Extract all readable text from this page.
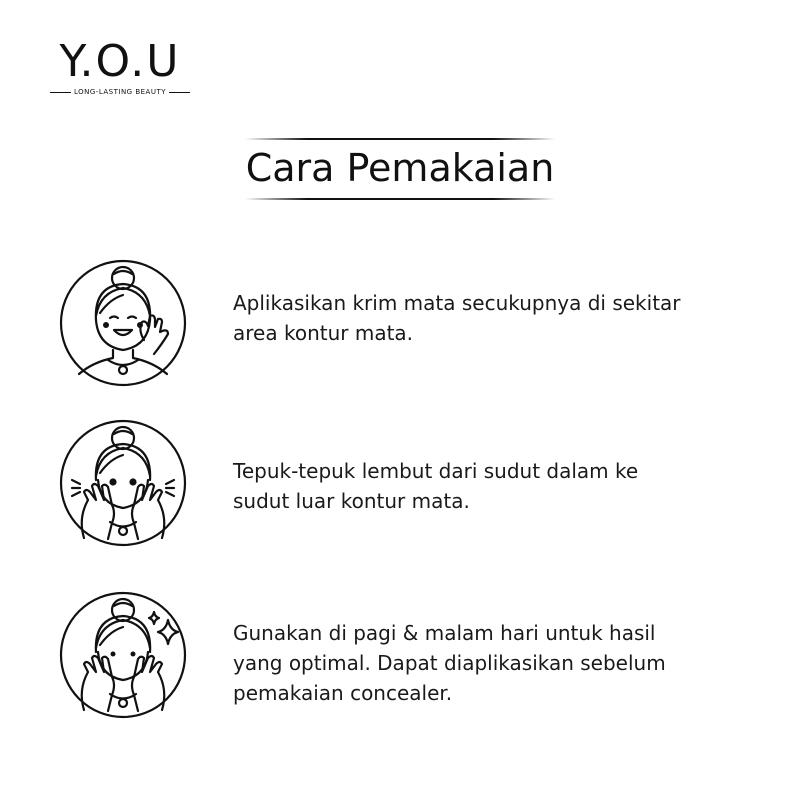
Y.O.U
LONG-LASTING BEAUTY
Cara Pemakaian
Aplikasikan krim mata secukupnya di sekitar
area kontur mata.
Tepuk-tepuk lembut dari sudut dalam ke
sudut luar kontur mata.
Gunakan di pagi & malam hari untuk hasil
yang optimal. Dapat diaplikasikan sebelum
pemakaian concealer.
